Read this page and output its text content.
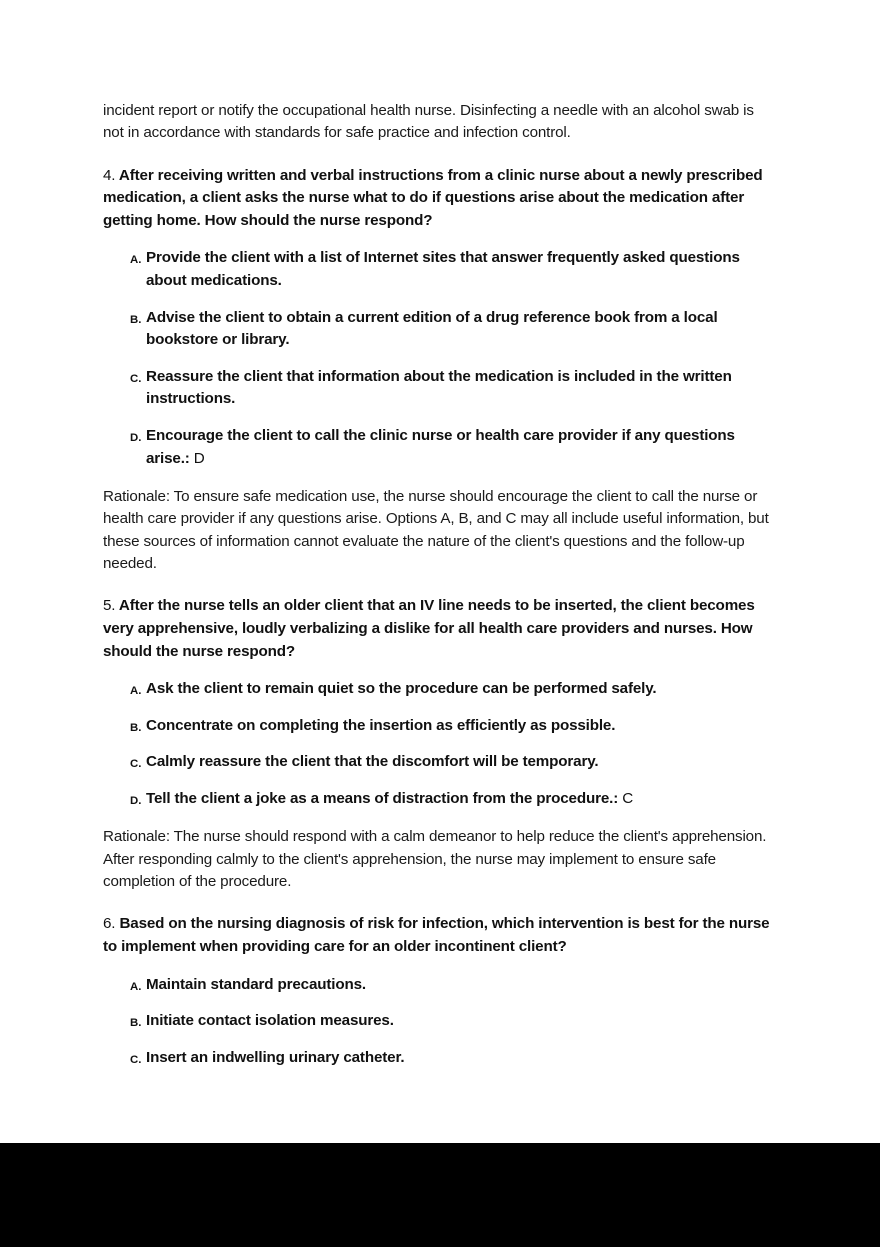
incident report or notify the occupational health nurse. Disinfecting a needle with an alcohol swab is not in accordance with standards for safe practice and infection control.

4. After receiving written and verbal instructions from a clinic nurse about a newly prescribed medication, a client asks the nurse what to do if questions arise about the medication after getting home. How should the nurse respond?

A. Provide the client with a list of Internet sites that answer frequently asked questions about medications.
B. Advise the client to obtain a current edition of a drug reference book from a local bookstore or library.
C. Reassure the client that information about the medication is included in the written instructions.
D. Encourage the client to call the clinic nurse or health care provider if any questions arise.: D

Rationale: To ensure safe medication use, the nurse should encourage the client to call the nurse or health care provider if any questions arise. Options A, B, and C may all include useful information, but these sources of information cannot evaluate the nature of the client's questions and the follow-up needed.

5. After the nurse tells an older client that an IV line needs to be inserted, the client becomes very apprehensive, loudly verbalizing a dislike for all health care providers and nurses. How should the nurse respond?

A. Ask the client to remain quiet so the procedure can be performed safely.
B. Concentrate on completing the insertion as efficiently as possible.
C. Calmly reassure the client that the discomfort will be temporary.
D. Tell the client a joke as a means of distraction from the procedure.: C

Rationale: The nurse should respond with a calm demeanor to help reduce the client's apprehension. After responding calmly to the client's apprehension, the nurse may implement to ensure safe completion of the procedure.

6. Based on the nursing diagnosis of risk for infection, which intervention is best for the nurse to implement when providing care for an older incontinent client?

A. Maintain standard precautions.
B. Initiate contact isolation measures.
C. Insert an indwelling urinary catheter.
